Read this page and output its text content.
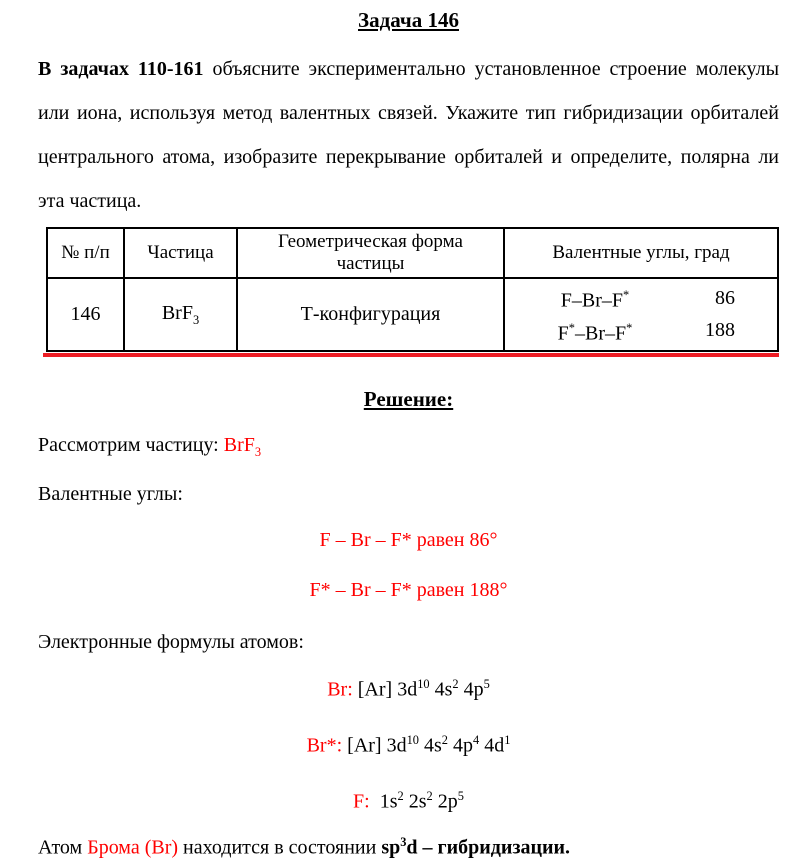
Задача 146

В задачах 110-161 объясните экспериментально установленное строение молекулы или иона, используя метод валентных связей. Укажите тип гибридизации орбиталей центрального атома, изобразите перекрывание орбиталей и определите, полярна ли эта частица.

№ п/п	Частица	Геометрическая форма частицы	Валентные углы, град
146	BrF$_3$	Т-конфигурация	F–Br–F* 86
F*–Br–F* 188
Решение:
Рассмотрим частицу: BrF$_3$
Валентные углы:
F – Br – F* равен 86°
F* – Br – F* равен 188°
Электронные формулы атомов:
Br: [Ar] $3d^{10}$ $4s^2$ $4p^5$
Br*: [Ar] $3d^{10}$ $4s^2$ $4p^4$ $4d^1$
F:  $1s^2$ $2s^2$ $2p^5$
Атом Брома (Br) находится в состоянии $sp^3d$ – гибридизации.
